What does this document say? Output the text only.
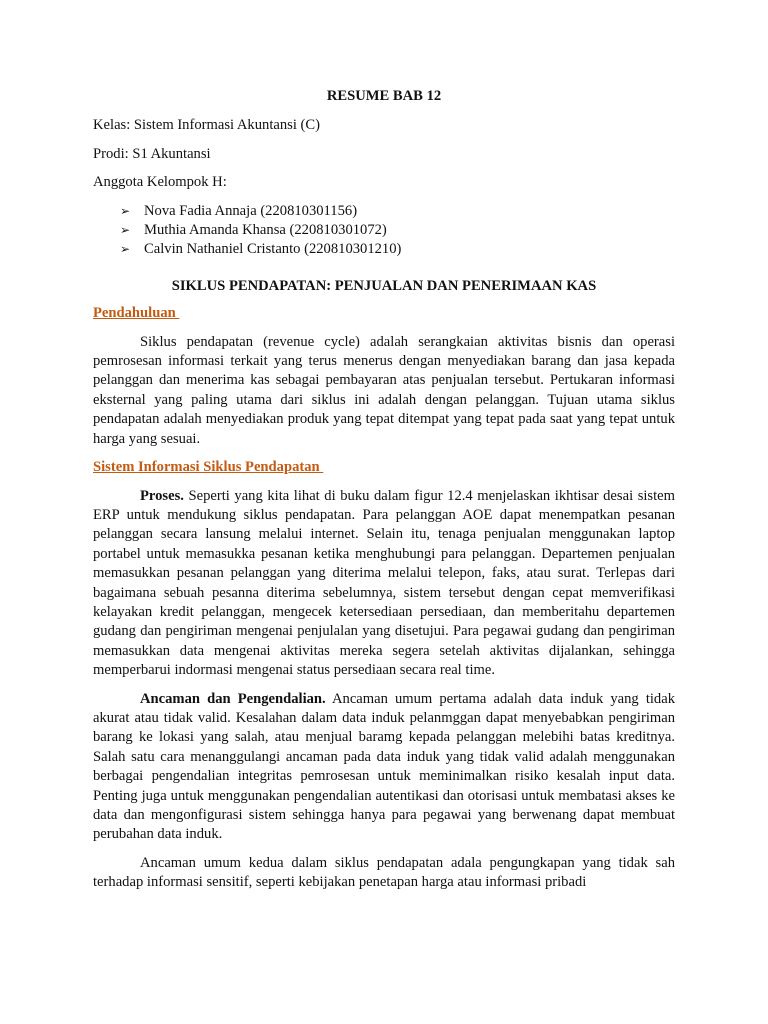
RESUME BAB 12
Kelas: Sistem Informasi Akuntansi (C)
Prodi: S1 Akuntansi
Anggota Kelompok H:
➢ Nova Fadia Annaja (220810301156)
➢ Muthia Amanda Khansa (220810301072)
➢ Calvin Nathaniel Cristanto (220810301210)
SIKLUS PENDAPATAN: PENJUALAN DAN PENERIMAAN KAS
Pendahuluan

Siklus pendapatan (revenue cycle) adalah serangkaian aktivitas bisnis dan operasi pemrosesan informasi terkait yang terus menerus dengan menyediakan barang dan jasa kepada pelanggan dan menerima kas sebagai pembayaran atas penjualan tersebut. Pertukaran informasi eksternal yang paling utama dari siklus ini adalah dengan pelanggan. Tujuan utama siklus pendapatan adalah menyediakan produk yang tepat ditempat yang tepat pada saat yang tepat untuk harga yang sesuai.

Sistem Informasi Siklus Pendapatan

Proses. Seperti yang kita lihat di buku dalam figur 12.4 menjelaskan ikhtisar desai sistem ERP untuk mendukung siklus pendapatan. Para pelanggan AOE dapat menempatkan pesanan pelanggan secara lansung melalui internet. Selain itu, tenaga penjualan menggunakan laptop portabel untuk memasukka pesanan ketika menghubungi para pelanggan. Departemen penjualan memasukkan pesanan pelanggan yang diterima melalui telepon, faks, atau surat. Terlepas dari bagaimana sebuah pesanna diterima sebelumnya, sistem tersebut dengan cepat memverifikasi kelayakan kredit pelanggan, mengecek ketersediaan persediaan, dan memberitahu departemen gudang dan pengiriman mengenai penjulalan yang disetujui. Para pegawai gudang dan pengiriman memasukkan data mengenai aktivitas mereka segera setelah aktivitas dijalankan, sehingga memperbarui indormasi mengenai status persediaan secara real time.

Ancaman dan Pengendalian. Ancaman umum pertama adalah data induk yang tidak akurat atau tidak valid. Kesalahan dalam data induk pelanmggan dapat menyebabkan pengiriman barang ke lokasi yang salah, atau menjual baramg kepada pelanggan melebihi batas kreditnya. Salah satu cara menanggulangi ancaman pada data induk yang tidak valid adalah menggunakan berbagai pengendalian integritas pemrosesan untuk meminimalkan risiko kesalah input data. Penting juga untuk menggunakan pengendalian autentikasi dan otorisasi untuk membatasi akses ke data dan mengonfigurasi sistem sehingga hanya para pegawai yang berwenang dapat membuat perubahan data induk.

Ancaman umum kedua dalam siklus pendapatan adala pengungkapan yang tidak sah terhadap informasi sensitif, seperti kebijakan penetapan harga atau informasi pribadi
